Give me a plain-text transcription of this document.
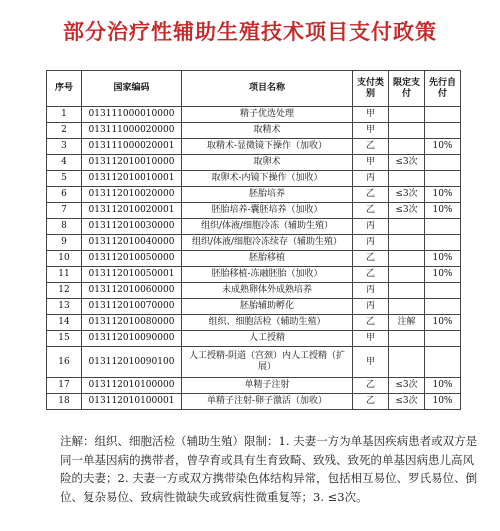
部分治疗性辅助生殖技术项目支付政策
序号	国家编码	项目名称	支付类别	限定支付	先行自付
1	013111000010000	精子优选处理	甲		
2	013111000020000	取精术	甲		
3	013111000020001	取精术-显微镜下操作（加收）	乙		10%
4	013112010010000	取卵术	甲	≤3次	
5	013112010010001	取卵术-内镜下操作（加收）	丙		
6	013112010020000	胚胎培养	乙	≤3次	10%
7	013112010020001	胚胎培养-囊胚培养（加收）	乙	≤3次	10%
8	013112010030000	组织/体液/细胞冷冻（辅助生殖）	丙		
9	013112010040000	组织/体液/细胞冷冻续存（辅助生殖）	丙		
10	013112010050000	胚胎移植	乙		10%
11	013112010050001	胚胎移植-冻融胚胎（加收）	乙		10%
12	013112010060000	未成熟卵体外成熟培养	丙		
13	013112010070000	胚胎辅助孵化	丙		
14	013112010080000	组织、细胞活检（辅助生殖）	乙	注解	10%
15	013112010090000	人工授精	甲		
16	013112010090100	人工授精-阴道（宫颈）内人工授精（扩展）	甲		
17	013112010100000	单精子注射	乙	≤3次	10%
18	013112010100001	单精子注射-卵子激活（加收）	乙	≤3次	10%
注解：组织、细胞活检（辅助生殖）限制：1. 夫妻一方为单基因疾病患者或双方是同一单基因病的携带者，曾孕育或具有生育致畸、致残、致死的单基因病患儿高风险的夫妻；2. 夫妻一方或双方携带染色体结构异常，包括相互易位、罗氏易位、倒位、复杂易位、致病性微缺失或致病性微重复等；3. ≤3次。
